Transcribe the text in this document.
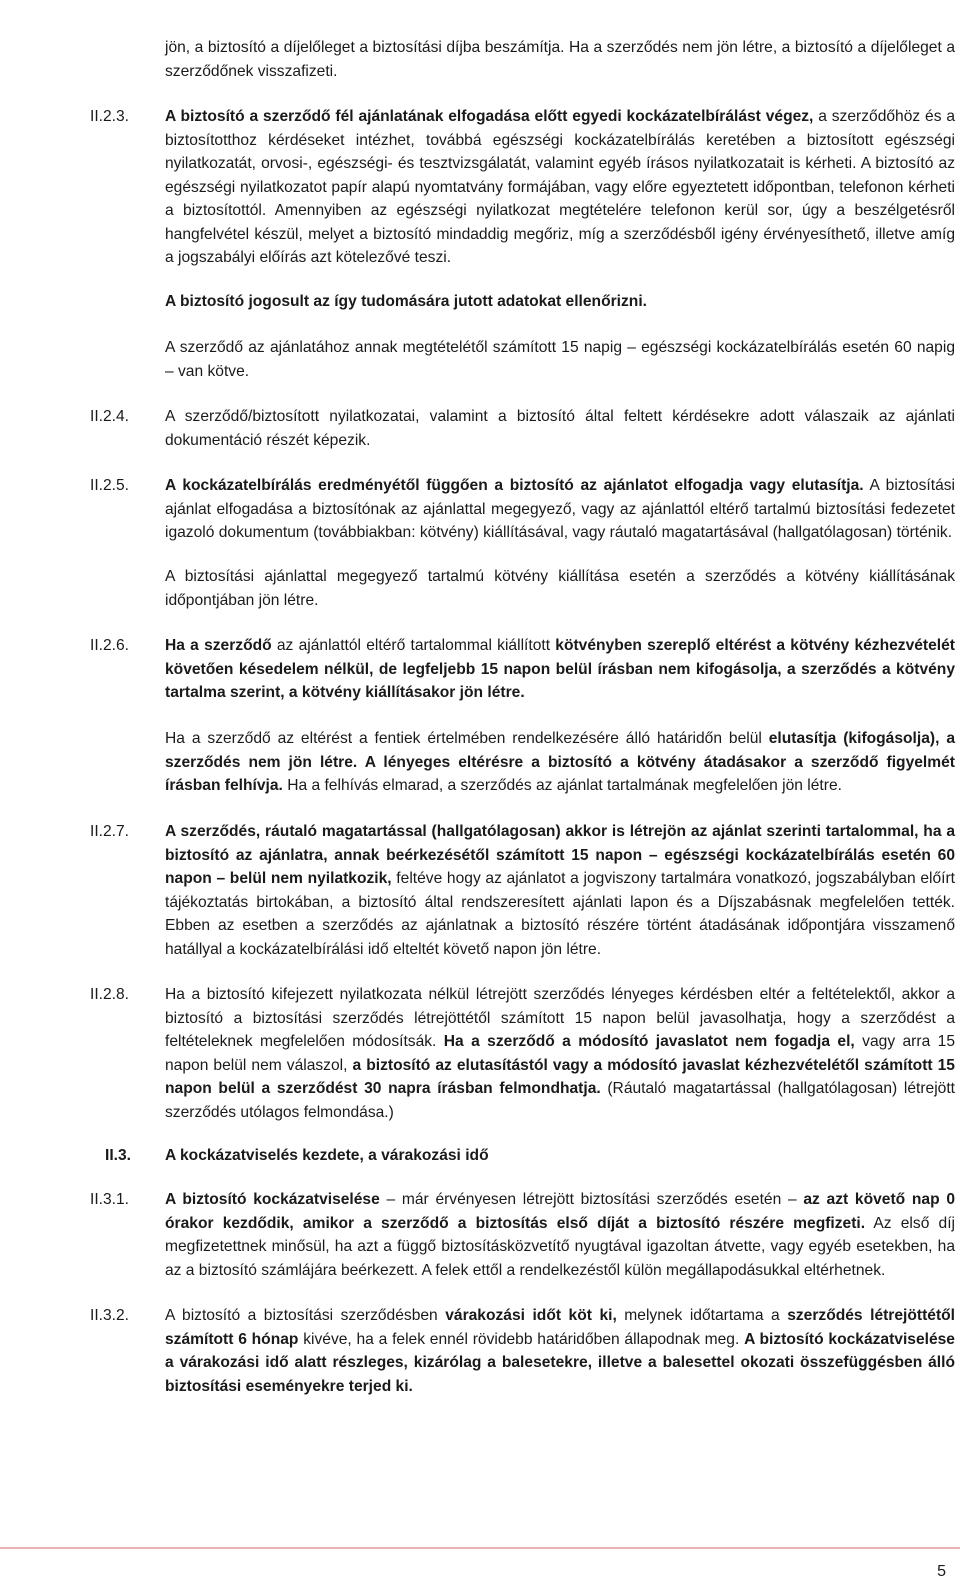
jön, a biztosító a díjelőleget a biztosítási díjba beszámítja. Ha a szerződés nem jön létre, a biztosító a díjelőleget a szerződőnek visszafizeti.

II.2.3. A biztosító a szerződő fél ajánlatának elfogadása előtt egyedi kockázatelbírálást végez, a szerződőhöz és a biztosítotthoz kérdéseket intézhet, továbbá egészségi kockázatelbírálás keretében a biztosított egészségi nyilatkozatát, orvosi-, egészségi- és tesztvizsgálatát, valamint egyéb írásos nyilatkozatait is kérheti. A biztosító az egészségi nyilatkozatot papír alapú nyomtatvány formájában, vagy előre egyeztetett időpontban, telefonon kérheti a biztosítottól. Amennyiben az egészségi nyilatkozat megtételére telefonon kerül sor, úgy a beszélgetésről hangfelvétel készül, melyet a biztosító mindaddig megőriz, míg a szerződésből igény érvényesíthető, illetve amíg a jogszabályi előírás azt kötelezővé teszi.

A biztosító jogosult az így tudomására jutott adatokat ellenőrizni.

A szerződő az ajánlatához annak megtételétől számított 15 napig – egészségi kockázatelbírálás esetén 60 napig – van kötve.

II.2.4. A szerződő/biztosított nyilatkozatai, valamint a biztosító által feltett kérdésekre adott válaszaik az ajánlati dokumentáció részét képezik.

II.2.5. A kockázatelbírálás eredményétől függően a biztosító az ajánlatot elfogadja vagy elutasítja. A biztosítási ajánlat elfogadása a biztosítónak az ajánlattal megegyező, vagy az ajánlattól eltérő tartalmú biztosítási fedezetet igazoló dokumentum (továbbiakban: kötvény) kiállításával, vagy ráutaló magatartásával (hallgatólagosan) történik.

A biztosítási ajánlattal megegyező tartalmú kötvény kiállítása esetén a szerződés a kötvény kiállításának időpontjában jön létre.

II.2.6. Ha a szerződő az ajánlattól eltérő tartalommal kiállított kötvényben szereplő eltérést a kötvény kézhezvételét követően késedelem nélkül, de legfeljebb 15 napon belül írásban nem kifogásolja, a szerződés a kötvény tartalma szerint, a kötvény kiállításakor jön létre.

Ha a szerződő az eltérést a fentiek értelmében rendelkezésére álló határidőn belül elutasítja (kifogásolja), a szerződés nem jön létre. A lényeges eltérésre a biztosító a kötvény átadásakor a szerződő figyelmét írásban felhívja. Ha a felhívás elmarad, a szerződés az ajánlat tartalmának megfelelően jön létre.

II.2.7. A szerződés, ráutaló magatartással (hallgatólagosan) akkor is létrejön az ajánlat szerinti tartalommal, ha a biztosító az ajánlatra, annak beérkezésétől számított 15 napon – egészségi kockázatelbírálás esetén 60 napon – belül nem nyilatkozik, feltéve hogy az ajánlatot a jogviszony tartalmára vonatkozó, jogszabályban előírt tájékoztatás birtokában, a biztosító által rendszeresített ajánlati lapon és a Díjszabásnak megfelelően tették. Ebben az esetben a szerződés az ajánlatnak a biztosító részére történt átadásának időpontjára visszamenő hatállyal a kockázatelbírálási idő elteltét követő napon jön létre.

II.2.8. Ha a biztosító kifejezett nyilatkozata nélkül létrejött szerződés lényeges kérdésben eltér a feltételektől, akkor a biztosító a biztosítási szerződés létrejöttétől számított 15 napon belül javasolhatja, hogy a szerződést a feltételeknek megfelelően módosítsák. Ha a szerződő a módosító javaslatot nem fogadja el, vagy arra 15 napon belül nem válaszol, a biztosító az elutasítástól vagy a módosító javaslat kézhezvételétől számított 15 napon belül a szerződést 30 napra írásban felmondhatja. (Ráutaló magatartással (hallgatólagosan) létrejött szerződés utólagos felmondása.)

II.3. A kockázatviselés kezdete, a várakozási idő

II.3.1. A biztosító kockázatviselése – már érvényesen létrejött biztosítási szerződés esetén – az azt követő nap 0 órakor kezdődik, amikor a szerződő a biztosítás első díját a biztosító részére megfizeti. Az első díj megfizetettnek minősül, ha azt a függő biztosításközvetítő nyugtával igazoltan átvette, vagy egyéb esetekben, ha az a biztosító számlájára beérkezett. A felek ettől a rendelkezéstől külön megállapodásukkal eltérhetnek.

II.3.2. A biztosító a biztosítási szerződésben várakozási időt köt ki, melynek időtartama a szerződés létrejöttétől számított 6 hónap kivéve, ha a felek ennél rövidebb határidőben állapodnak meg. A biztosító kockázatviselése a várakozási idő alatt részleges, kizárólag a balesetekre, illetve a balesettel okozati összefüggésben álló biztosítási eseményekre terjed ki.

5
